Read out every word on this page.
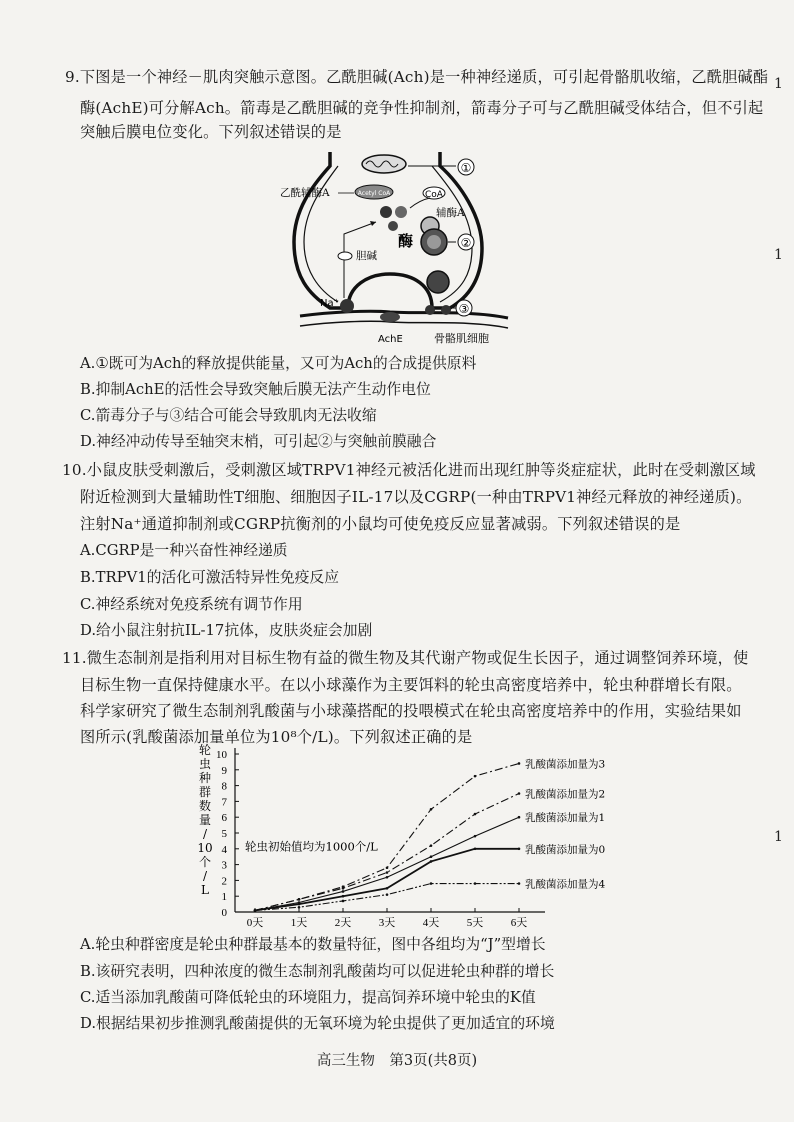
1
1
1
9.下图是一个神经－肌肉突触示意图。乙酰胆碱(Ach)是一种神经递质，可引起骨骼肌收缩，乙酰胆碱酯
酶(AchE)可分解Ach。箭毒是乙酰胆碱的竞争性抑制剂，箭毒分子可与乙酰胆碱受体结合，但不引起
突触后膜电位变化。下列叙述错误的是
①
Acetyl CoA
乙酰辅酶A	CoA
辅酶A
酶	②
胆碱
Na⁺
AchE
③
骨骼肌细胞
A.①既可为Ach的释放提供能量，又可为Ach的合成提供原料
B.抑制AchE的活性会导致突触后膜无法产生动作电位
C.箭毒分子与③结合可能会导致肌肉无法收缩
D.神经冲动传导至轴突末梢，可引起②与突触前膜融合
10.小鼠皮肤受刺激后，受刺激区域TRPV1神经元被活化进而出现红肿等炎症症状，此时在受刺激区域
附近检测到大量辅助性T细胞、细胞因子IL-17以及CGRP(一种由TRPV1神经元释放的神经递质)。
注射Na⁺通道抑制剂或CGRP抗衡剂的小鼠均可使免疫反应显著减弱。下列叙述错误的是
A.CGRP是一种兴奋性神经递质
B.TRPV1的活化可激活特异性免疫反应
C.神经系统对免疫系统有调节作用
D.给小鼠注射抗IL-17抗体，皮肤炎症会加剧
11.微生态制剂是指利用对目标生物有益的微生物及其代谢产物或促生长因子，通过调整饲养环境，使
目标生物一直保持健康水平。在以小球藻作为主要饵料的轮虫高密度培养中，轮虫种群增长有限。
科学家研究了微生态制剂乳酸菌与小球藻搭配的投喂模式在轮虫高密度培养中的作用，实验结果如
图所示(乳酸菌添加量单位为10⁸个/L)。下列叙述正确的是
0
1
2
3
4
5
6
7
8
9
10
0天	1天	2天	3天	4天	5天	6天
轮
虫
种
群
数
量
/
10
个
/
L
轮虫初始值均为1000个/L
乳酸菌添加量为3
乳酸菌添加量为2
乳酸菌添加量为1
乳酸菌添加量为0
乳酸菌添加量为4
A.轮虫种群密度是轮虫种群最基本的数量特征，图中各组均为“J”型增长
B.该研究表明，四种浓度的微生态制剂乳酸菌均可以促进轮虫种群的增长
C.适当添加乳酸菌可降低轮虫的环境阻力，提高饲养环境中轮虫的K值
D.根据结果初步推测乳酸菌提供的无氧环境为轮虫提供了更加适宜的环境
高三生物　第3页(共8页)
